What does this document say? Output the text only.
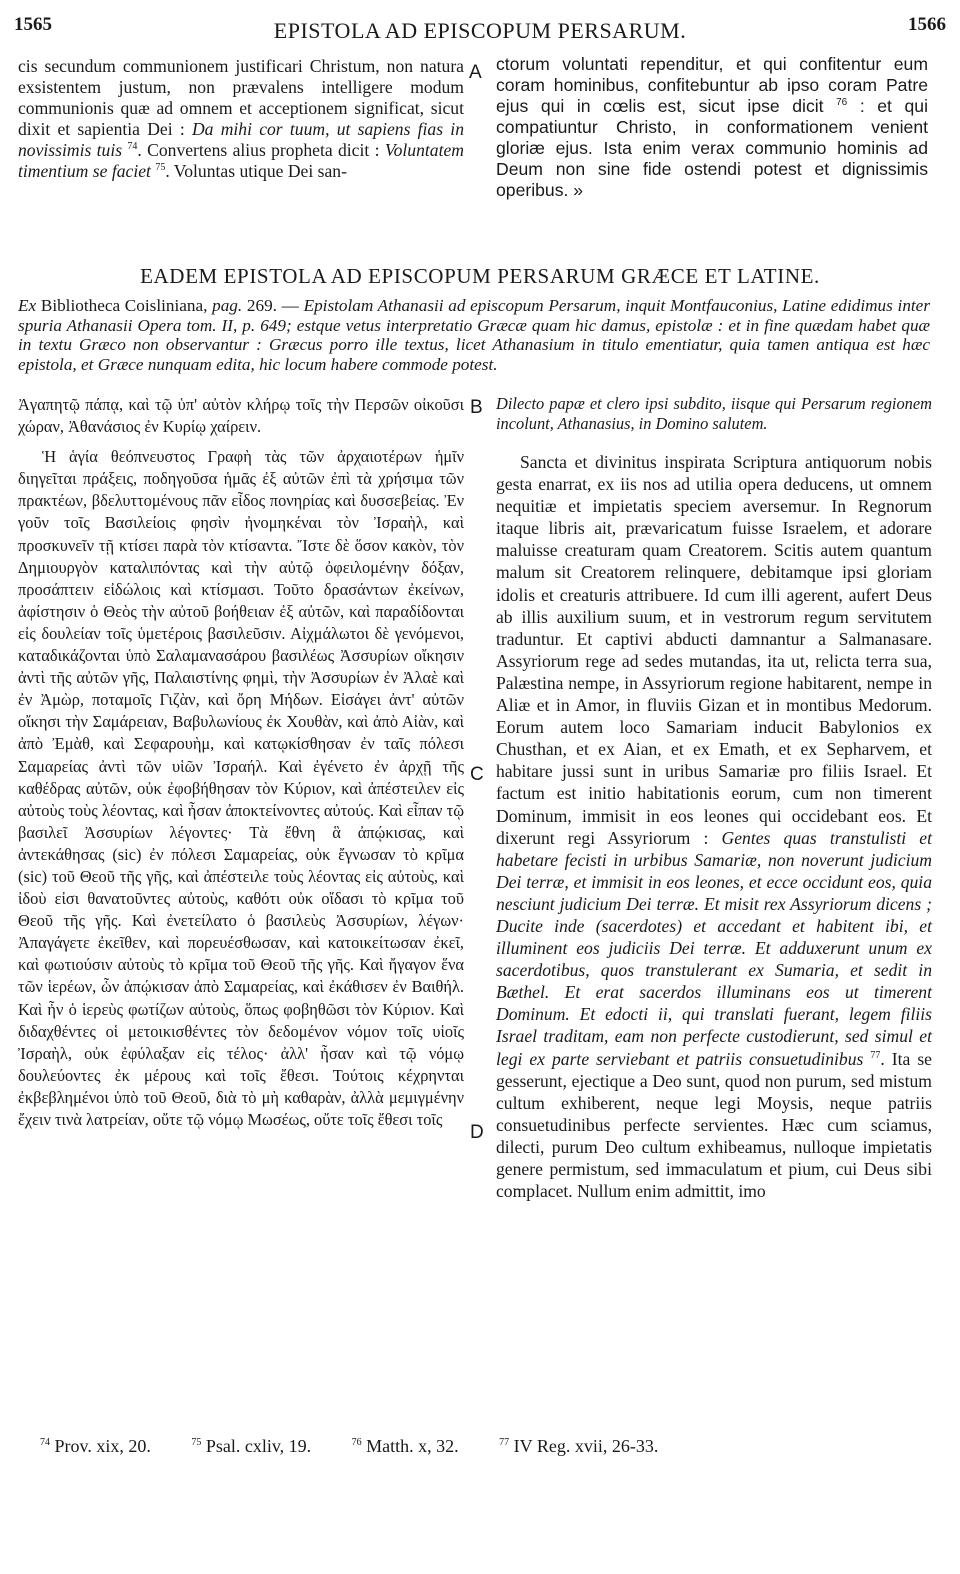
1565	EPISTOLA AD EPISCOPUM PERSARUM.	1566

cis secundum communionem justificari Christum, non natura exsistentem justum, non prævalens intelligere modum communionis quæ ad omnem et acceptionem significat, sicut dixit et sapientia Dei : Da mihi cor tuum, ut sapiens fias in novissimis tuis $^{74}$. Convertens alius propheta dicit : Voluntatem timentium se faciet $^{75}$. Voluntas utique Dei san-

ctorum voluntati rependitur, et qui confitentur eum coram hominibus, confitebuntur ab ipso coram Patre ejus qui in cœlis est, sicut ipse dicit $^{76}$ : et qui compatiuntur Christo, in conformationem venient gloriæ ejus. Ista enim verax communio hominis ad Deum non sine fide ostendi potest et dignissimis operibus. »

A
EADEM EPISTOLA AD EPISCOPUM PERSARUM GRÆCE ET LATINE.
Ex Bibliotheca Coisliniana, pag. 269. — Epistolam Athanasii ad episcopum Persarum, inquit Montfauconius, Latine edidimus inter spuria Athanasii Opera tom. II, p. 649; estque vetus interpretatio Græcæ quam hic damus, epistolæ : et in fine quædam habet quæ in textu Græco non observantur : Græcus porro ille textus, licet Athanasium in titulo ementiatur, quia tamen antiqua est hæc epistola, et Græce nunquam edita, hic locum habere commode potest.

Ἀγαπητῷ πάπᾳ, καὶ τῷ ὑπ' αὐτὸν κλήρῳ τοῖς τὴν Περσῶν οἰκοῦσι χώραν, Ἀθανάσιος ἐν Κυρίῳ χαίρειν.

Ἡ ἁγία θεόπνευστος Γραφὴ τὰς τῶν ἀρχαιοτέρων ἡμῖν διηγεῖται πράξεις, ποδηγοῦσα ἡμᾶς ἐξ αὐτῶν ἐπὶ τὰ χρήσιμα τῶν πρακτέων, βδελυττομένους πᾶν εἶδος πονηρίας καὶ δυσσεβείας. Ἐν γοῦν τοῖς Βασιλείοις φησὶν ἠνομηκέναι τὸν Ἰσραὴλ, καὶ προσκυνεῖν τῇ κτίσει παρὰ τὸν κτίσαντα. Ἴστε δὲ ὅσον κακὸν, τὸν Δημιουργὸν καταλιπόντας καὶ τὴν αὐτῷ ὀφειλομένην δόξαν, προσάπτειν εἰδώλοις καὶ κτίσμασι. Τοῦτο δρασάντων ἐκείνων, ἀφίστησιν ὁ Θεὸς τὴν αὐτοῦ βοήθειαν ἐξ αὐτῶν, καὶ παραδίδονται εἰς δουλείαν τοῖς ὑμετέροις βασιλεῦσιν. Αἰχμάλωτοι δὲ γενόμενοι, καταδικάζονται ὑπὸ Σαλαμανασάρου βασιλέως Ἀσσυρίων οἴκησιν ἀντὶ τῆς αὐτῶν γῆς, Παλαιστίνης φημὶ, τὴν Ἀσσυρίων ἐν Ἀλαὲ καὶ ἐν Ἀμὼρ, ποταμοῖς Γιζὰν, καὶ ὄρη Μήδων. Εἰσάγει ἀντ' αὐτῶν οἴκησι τὴν Σαμάρειαν, Βαβυλωνίους ἐκ Χουθὰν, καὶ ἀπὸ Αἰὰν, καὶ ἀπὸ Ἐμὰθ, καὶ Σεφαρουὴμ, καὶ κατῳκίσθησαν ἐν ταῖς πόλεσι Σαμαρείας ἀντὶ τῶν υἱῶν Ἰσραήλ. Καὶ ἐγένετο ἐν ἀρχῇ τῆς καθέδρας αὐτῶν, οὐκ ἐφοβήθησαν τὸν Κύριον, καὶ ἀπέστειλεν εἰς αὐτοὺς τοὺς λέοντας, καὶ ἦσαν ἀποκτείνοντες αὐτούς. Καὶ εἶπαν τῷ βασιλεῖ Ἀσσυρίων λέγοντες· Τὰ ἔθνη ἃ ἀπῴκισας, καὶ ἀντεκάθησας (sic) ἐν πόλεσι Σαμαρείας, οὐκ ἔγνωσαν τὸ κρῖμα (sic) τοῦ Θεοῦ τῆς γῆς, καὶ ἀπέστειλε τοὺς λέοντας εἰς αὐτοὺς, καὶ ἰδοὺ εἰσι θανατοῦντες αὐτοὺς, καθότι οὐκ οἴδασι τὸ κρῖμα τοῦ Θεοῦ τῆς γῆς. Καὶ ἐνετείλατο ὁ βασιλεὺς Ἀσσυρίων, λέγων· Ἀπαγάγετε ἐκεῖθεν, καὶ πορευέσθωσαν, καὶ κατοικείτωσαν ἐκεῖ, καὶ φωτιούσιν αὐτοὺς τὸ κρῖμα τοῦ Θεοῦ τῆς γῆς. Καὶ ἤγαγον ἕνα τῶν ἱερέων, ὧν ἀπῴκισαν ἀπὸ Σαμαρείας, καὶ ἐκάθισεν ἐν Βαιθήλ. Καὶ ἦν ὁ ἱερεὺς φωτίζων αὐτοὺς, ὅπως φοβηθῶσι τὸν Κύριον. Καὶ διδαχθέντες οἱ μετοικισθέντες τὸν δεδομένον νόμον τοῖς υἱοῖς Ἰσραὴλ, οὐκ ἐφύλαξαν εἰς τέλος· ἀλλ' ἦσαν καὶ τῷ νόμῳ δουλεύοντες ἐκ μέρους καὶ τοῖς ἔθεσι. Τούτοις κέχρηνται ἐκβεβλημένοι ὑπὸ τοῦ Θεοῦ, διὰ τὸ μὴ καθαρὰν, ἀλλὰ μεμιγμένην ἔχειν τινὰ λατρείαν, οὔτε τῷ νόμῳ Μωσέως, οὔτε τοῖς ἔθεσι τοῖς

Dilecto papæ et clero ipsi subdito, iisque qui Persarum regionem incolunt, Athanasius, in Domino salutem.

Sancta et divinitus inspirata Scriptura antiquorum nobis gesta enarrat, ex iis nos ad utilia opera deducens, ut omnem nequitiæ et impietatis speciem aversemur. In Regnorum itaque libris ait, prævaricatum fuisse Israelem, et adorare maluisse creaturam quam Creatorem. Scitis autem quantum malum sit Creatorem relinquere, debitamque ipsi gloriam idolis et creaturis attribuere. Id cum illi agerent, aufert Deus ab illis auxilium suum, et in vestrorum regum servitutem traduntur. Et captivi abducti damnantur a Salmanasare. Assyriorum rege ad sedes mutandas, ita ut, relicta terra sua, Palæstina nempe, in Assyriorum regione habitarent, nempe in Aliæ et in Amor, in fluviis Gizan et in montibus Medorum. Eorum autem loco Samariam inducit Babylonios ex Chusthan, et ex Aian, et ex Emath, et ex Sepharvem, et habitare jussi sunt in uribus Samariæ pro filiis Israel. Et factum est initio habitationis eorum, cum non timerent Dominum, immisit in eos leones qui occidebant eos. Et dixerunt regi Assyriorum : Gentes quas transtulisti et habetare fecisti in urbibus Samariæ, non noverunt judicium Dei terræ, et immisit in eos leones, et ecce occidunt eos, quia nesciunt judicium Dei terræ. Et misit rex Assyriorum dicens ; Ducite inde (sacerdotes) et accedant et habitent ibi, et illuminent eos judiciis Dei terræ. Et adduxerunt unum ex sacerdotibus, quos transtulerant ex Sumaria, et sedit in Bæthel. Et erat sacerdos illuminans eos ut timerent Dominum. Et edocti ii, qui translati fuerant, legem filiis Israel traditam, eam non perfecte custodierunt, sed simul et legi ex parte serviebant et patriis consuetudinibus $^{77}$. Ita se gesserunt, ejectique a Deo sunt, quod non purum, sed mistum cultum exhiberent, neque legi Moysis, neque patriis consuetudinibus perfecte servientes. Hæc cum sciamus, dilecti, purum Deo cultum exhibeamus, nulloque impietatis genere permistum, sed immaculatum et pium, cui Deus sibi complacet. Nullum enim admittit, imo

B
C
D
$^{74}$ Prov. xix, 20.	$^{75}$ Psal. cxliv, 19.	$^{76}$ Matth. x, 32.	$^{77}$ IV Reg. xvii, 26-33.
